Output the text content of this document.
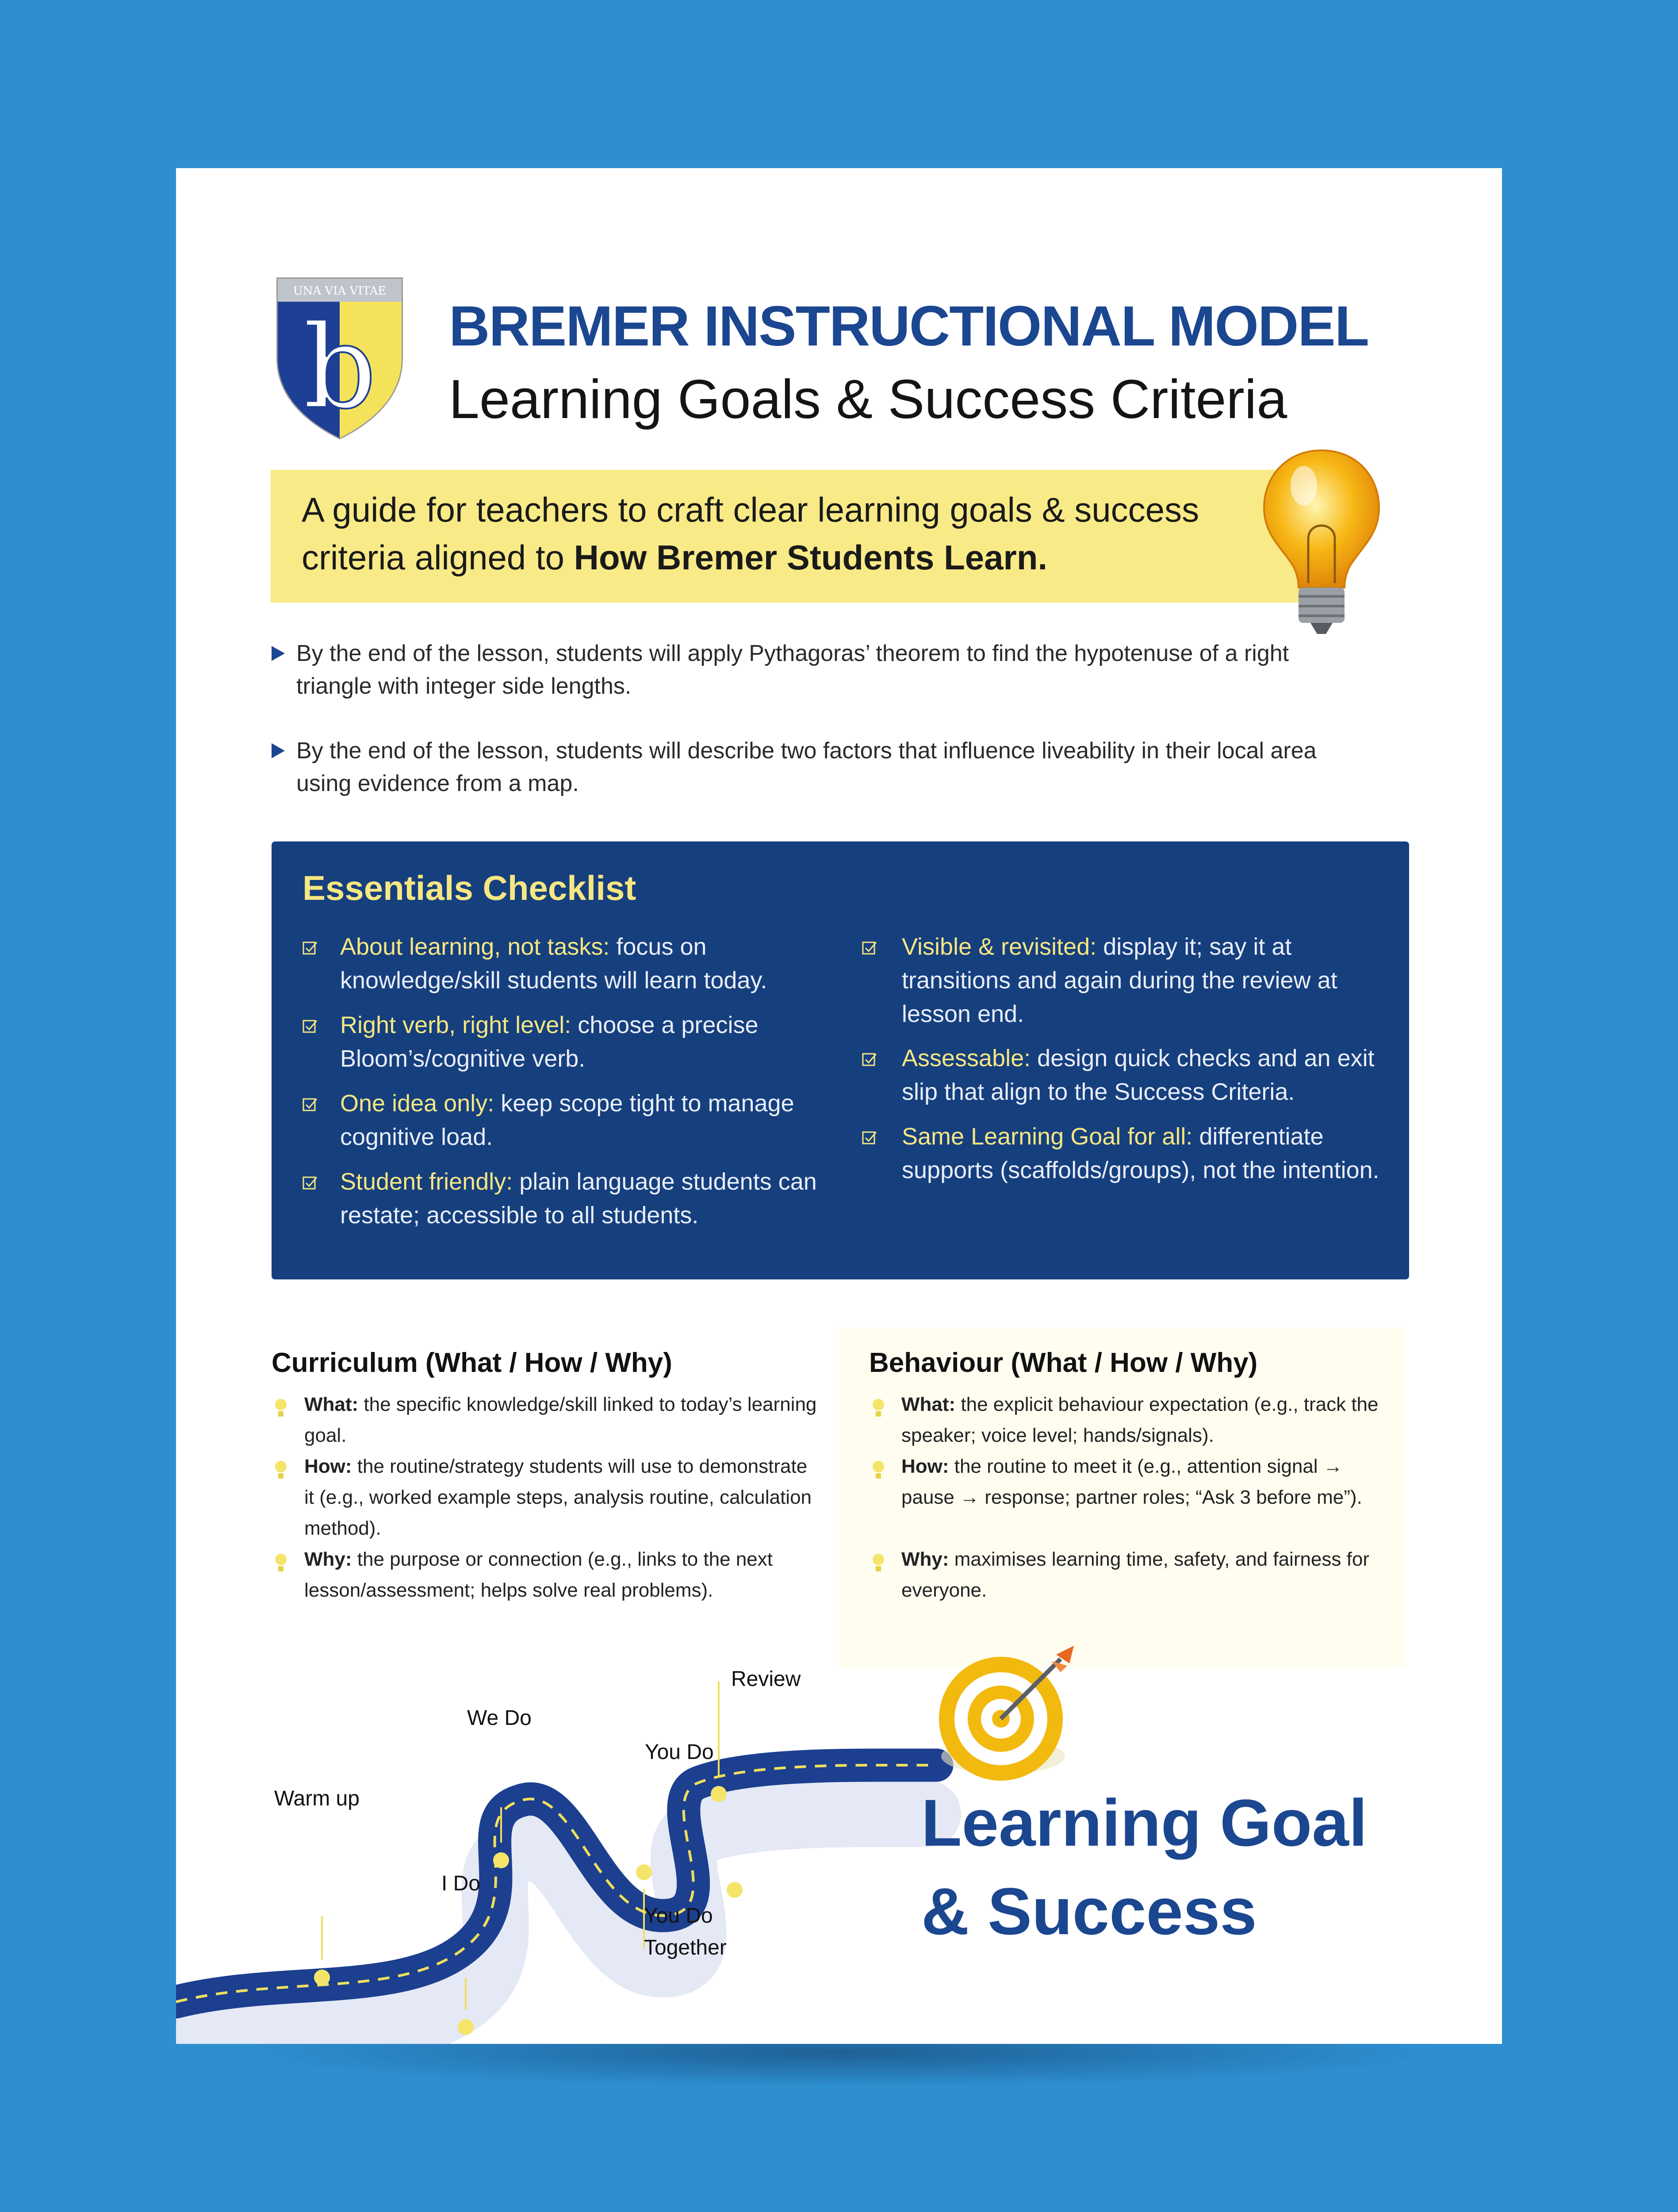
UNA VIA VITAE
b BREMER INSTRUCTIONAL MODEL
Learning Goals & Success Criteria
A guide for teachers to craft clear learning goals & success criteria aligned to How Bremer Students Learn.
By the end of the lesson, students will apply Pythagoras’ theorem to find the hypotenuse of a right triangle with integer side lengths.
By the end of the lesson, students will describe two factors that influence liveability in their local area using evidence from a map.
Essentials Checklist
About learning, not tasks: focus on knowledge/skill students will learn today.
Right verb, right level: choose a precise Bloom’s/cognitive verb.
One idea only: keep scope tight to manage cognitive load.
Student friendly: plain language students can restate; accessible to all students.
Visible & revisited: display it; say it at transitions and again during the review at lesson end.
Assessable: design quick checks and an exit slip that align to the Success Criteria.
Same Learning Goal for all: differentiate supports (scaffolds/groups), not the intention.
Curriculum (What / How / Why)
What: the specific knowledge/skill linked to today’s learning goal.
How: the routine/strategy students will use to demonstrate it (e.g., worked example steps, analysis routine, calculation method).
Why: the purpose or connection (e.g., links to the next lesson/assessment; helps solve real problems).
Behaviour (What / How / Why)
What: the explicit behaviour expectation (e.g., track the speaker; voice level; hands/signals).
How: the routine to meet it (e.g., attention signal → pause → response; partner roles; “Ask 3 before me”).
Why: maximises learning time, safety, and fairness for everyone.
Warm up
I Do
We Do
You Do
You Do
Together
Review
Learning Goal
& Success
